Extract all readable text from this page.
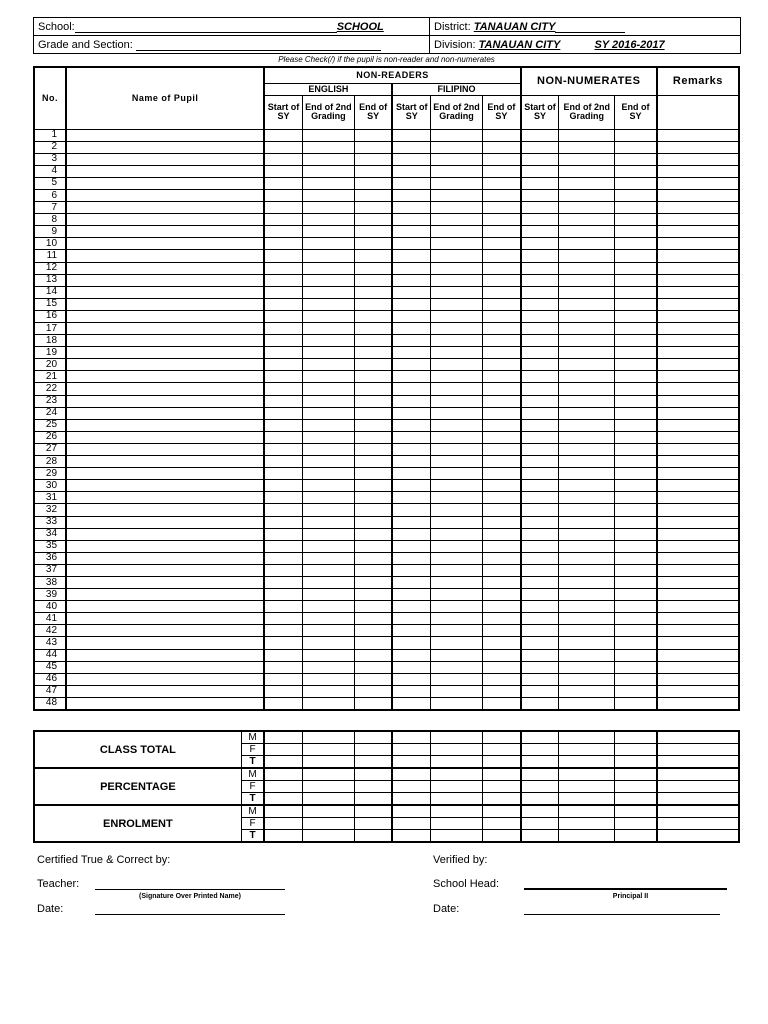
School: SCHOOL	District: TANAUAN CITY
Grade and Section:	Division: TANAUAN CITY SY 2016-2017
Please Check(/) if the pupil is non-reader and non-numerates
No.	Name of Pupil	NON-READERS						NON-NUMERATES			Remarks
		ENGLISH			FILIPINO						
		Start of SY	End of 2nd Grading	End of SY	Start of SY	End of 2nd Grading	End of SY	Start of SY	End of 2nd Grading	End of SY	
1											
2											
3											
4											
5											
6											
7											
8											
9											
10											
11											
12											
13											
14											
15											
16											
17											
18											
19											
20											
21											
22											
23											
24											
25											
26											
27											
28											
29											
30											
31											
32											
33											
34											
35											
36											
37											
38											
39											
40											
41											
42											
43											
44											
45											
46											
47											
48											
CLASS TOTAL	M										
	F										
	T										
PERCENTAGE	M										
	F										
	T										
ENROLMENT	M										
	F										
	T										
Certified True & Correct by:	Verified by:
Teacher:
(Signature Over Printed Name)
School Head:
Principal II
Date:	Date:
